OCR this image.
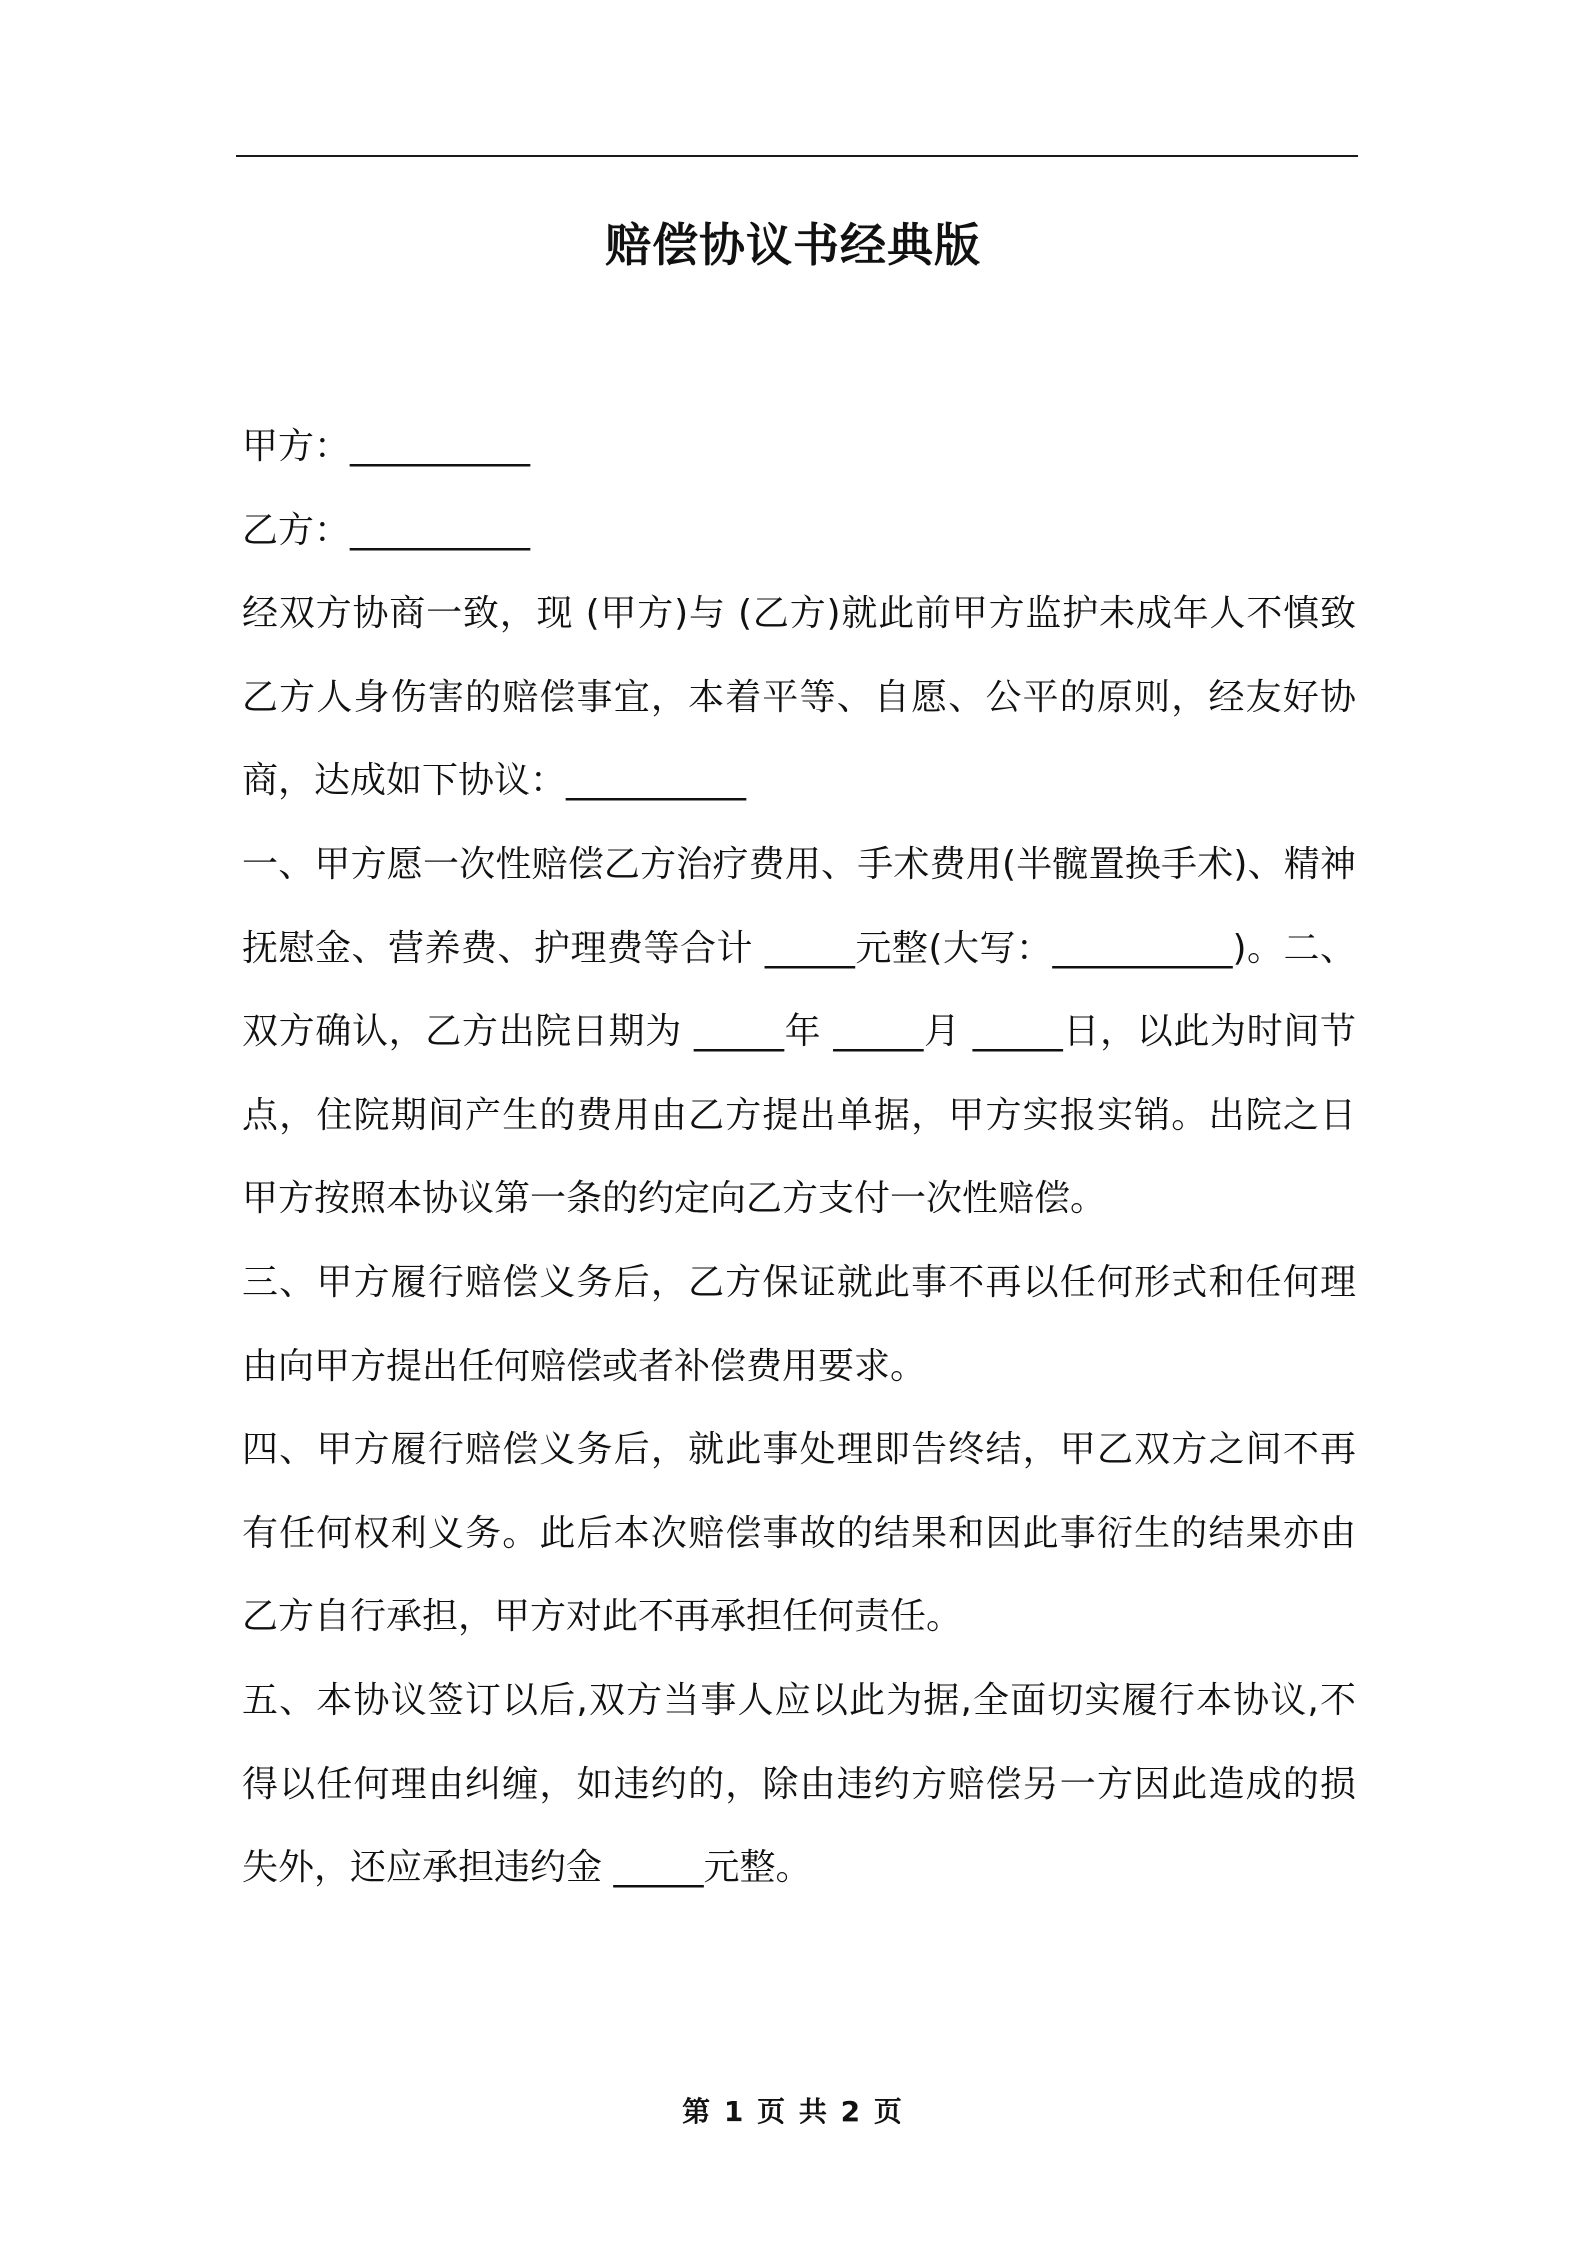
赔偿协议书经典版

甲方：__________

乙方：__________

经双方协商一致，现 (甲方)与 (乙方)就此前甲方监护未成年人不慎致乙方人身伤害的赔偿事宜，本着平等、自愿、公平的原则，经友好协商，达成如下协议：__________

一、甲方愿一次性赔偿乙方治疗费用、手术费用(半髋置换手术)、精神抚慰金、营养费、护理费等合计 _____元整(大写：__________)。二、双方确认，乙方出院日期为 _____年 _____月 _____日，以此为时间节点，住院期间产生的费用由乙方提出单据，甲方实报实销。出院之日甲方按照本协议第一条的约定向乙方支付一次性赔偿。

三、甲方履行赔偿义务后，乙方保证就此事不再以任何形式和任何理由向甲方提出任何赔偿或者补偿费用要求。

四、甲方履行赔偿义务后，就此事处理即告终结，甲乙双方之间不再有任何权利义务。此后本次赔偿事故的结果和因此事衍生的结果亦由乙方自行承担，甲方对此不再承担任何责任。

五、本协议签订以后,双方当事人应以此为据,全面切实履行本协议,不得以任何理由纠缠，如违约的，除由违约方赔偿另一方因此造成的损失外，还应承担违约金 _____元整。

第 1 页 共 2 页
